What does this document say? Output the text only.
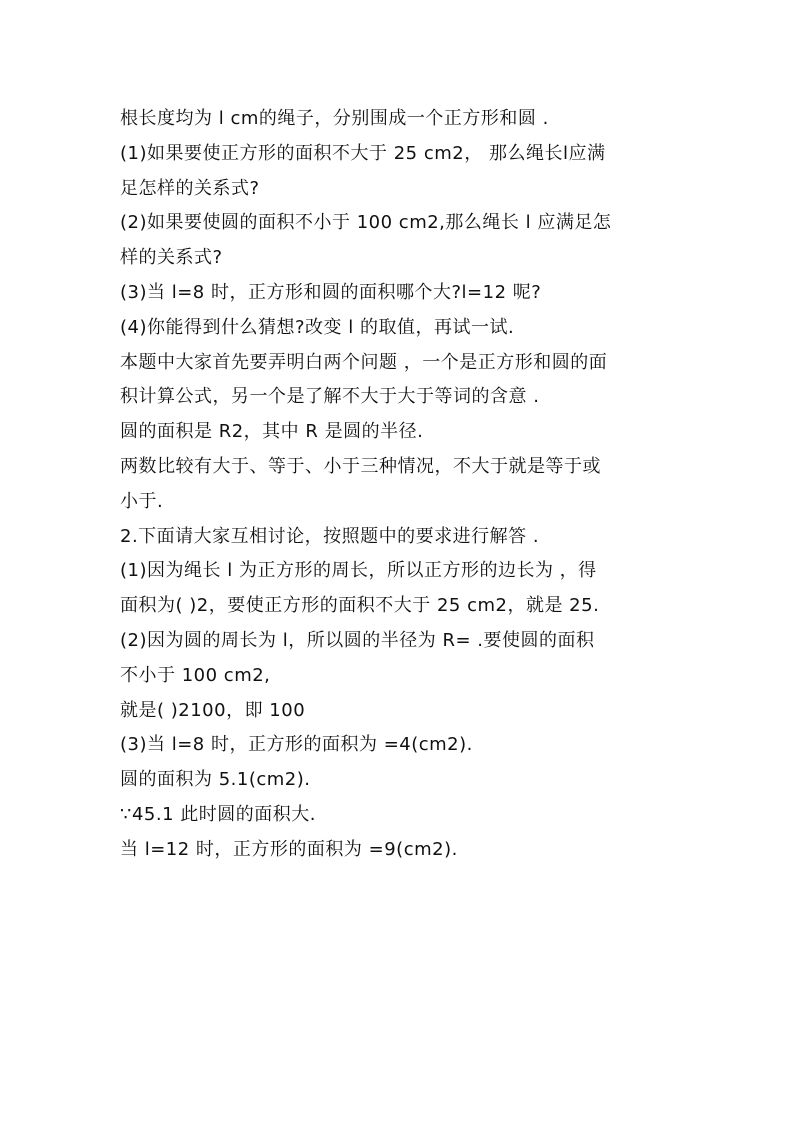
根长度均为 l cm的绳子，分别围成一个正方形和圆 .
(1)如果要使正方形的面积不大于 25 cm2， 那么绳长l应满
足怎样的关系式?
(2)如果要使圆的面积不小于 100 cm2,那么绳长 l 应满足怎
样的关系式?
(3)当 l=8 时，正方形和圆的面积哪个大?l=12 呢?
(4)你能得到什么猜想?改变 l 的取值，再试一试.
本题中大家首先要弄明白两个问题 ，一个是正方形和圆的面
积计算公式，另一个是了解不大于大于等词的含意 .
圆的面积是 R2，其中 R 是圆的半径.
两数比较有大于、等于、小于三种情况，不大于就是等于或
小于.
2.下面请大家互相讨论，按照题中的要求进行解答 .
(1)因为绳长 l 为正方形的周长，所以正方形的边长为 ，得
面积为( )2，要使正方形的面积不大于 25 cm2，就是 25.
(2)因为圆的周长为 l，所以圆的半径为 R= .要使圆的面积
不小于 100 cm2,
就是( )2100，即 100
(3)当 l=8 时，正方形的面积为 =4(cm2).
圆的面积为 5.1(cm2).
∵45.1 此时圆的面积大.
当 l=12 时，正方形的面积为 =9(cm2).
